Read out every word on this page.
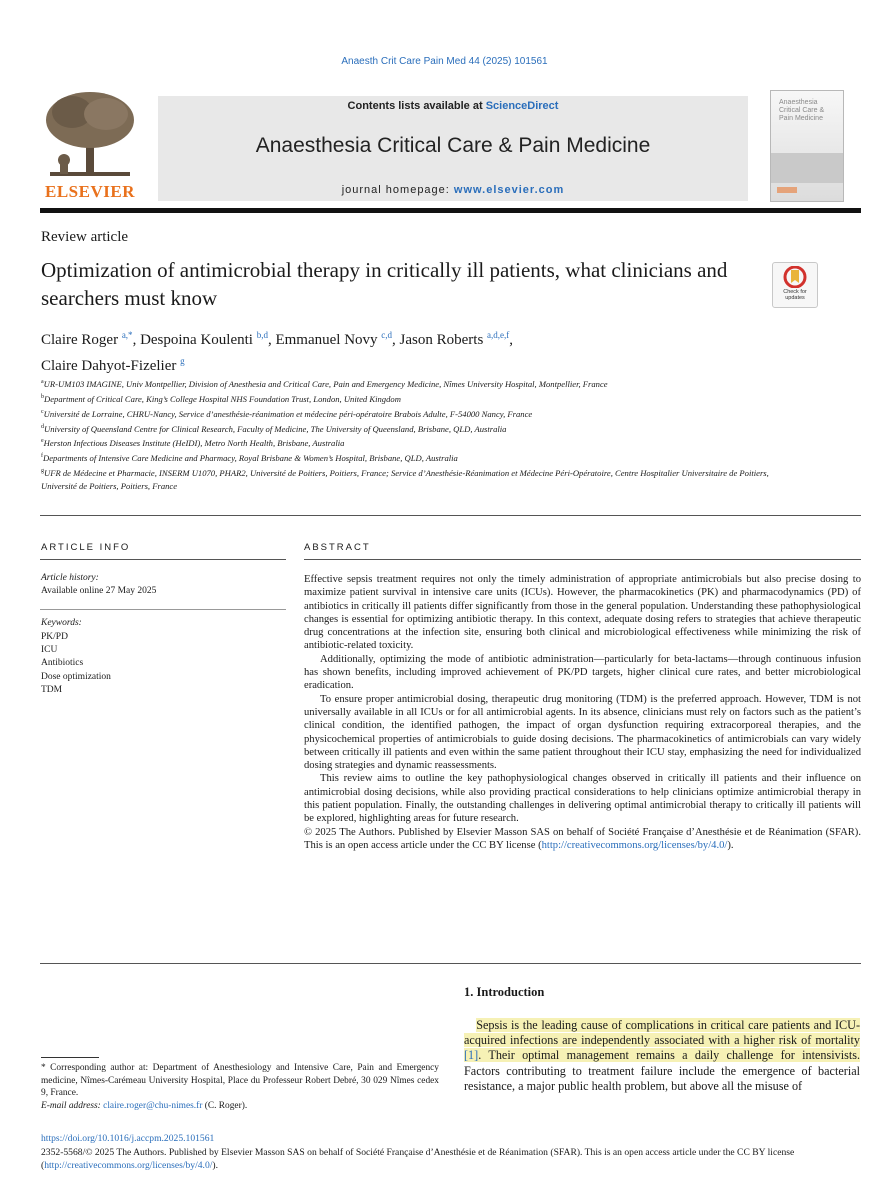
Anaesth Crit Care Pain Med 44 (2025) 101561
ELSEVIER
Contents lists available at ScienceDirect
Anaesthesia Critical Care & Pain Medicine
journal homepage: www.elsevier.com
Anaesthesia Critical Care & Pain Medicine
Review article
Optimization of antimicrobial therapy in critically ill patients, what clinicians and searchers must know	Check for updates
Claire Roger $^{a,*}$, Despoina Koulenti $^{b,d}$, Emmanuel Novy $^{c,d}$, Jason Roberts $^{a,d,e,f}$,
Claire Dahyot-Fizelier $^g$
$^a$UR-UM103 IMAGINE, Univ Montpellier, Division of Anesthesia and Critical Care, Pain and Emergency Medicine, Nîmes University Hospital, Montpellier, France
$^b$Department of Critical Care, King’s College Hospital NHS Foundation Trust, London, United Kingdom
$^c$Université de Lorraine, CHRU-Nancy, Service d’anesthésie-réanimation et médecine péri-opératoire Brabois Adulte, F-54000 Nancy, France
$^d$University of Queensland Centre for Clinical Research, Faculty of Medicine, The University of Queensland, Brisbane, QLD, Australia
$^e$Herston Infectious Diseases Institute (HeIDI), Metro North Health, Brisbane, Australia
$^f$Departments of Intensive Care Medicine and Pharmacy, Royal Brisbane & Women’s Hospital, Brisbane, QLD, Australia
$^g$UFR de Médecine et Pharmacie, INSERM U1070, PHAR2, Université de Poitiers, Poitiers, France; Service d’Anesthésie-Réanimation et Médecine Péri-Opératoire, Centre Hospitalier Universitaire de Poitiers, Université de Poitiers, Poitiers, France
ARTICLE INFO
Article history:
Available online 27 May 2025
Keywords:
PK/PD
ICU
Antibiotics
Dose optimization
TDM
ABSTRACT

Effective sepsis treatment requires not only the timely administration of appropriate antimicrobials but also precise dosing to maximize patient survival in intensive care units (ICUs). However, the pharmacokinetics (PK) and pharmacodynamics (PD) of antibiotics in critically ill patients differ significantly from those in the general population. Understanding these pathophysiological changes is essential for optimizing antibiotic therapy. In this context, adequate dosing refers to strategies that achieve therapeutic drug concentrations at the infection site, ensuring both clinical and microbiological effectiveness while minimizing the risk of antibiotic-related toxicity.

Additionally, optimizing the mode of antibiotic administration—particularly for beta-lactams—through continuous infusion has shown benefits, including improved achievement of PK/PD targets, higher clinical cure rates, and better microbiological eradication.

To ensure proper antimicrobial dosing, therapeutic drug monitoring (TDM) is the preferred approach. However, TDM is not universally available in all ICUs or for all antimicrobial agents. In its absence, clinicians must rely on factors such as the patient’s clinical condition, the identified pathogen, the impact of organ dysfunction requiring extracorporeal therapies, and the physicochemical properties of antimicrobials to guide dosing decisions. The pharmacokinetics of antimicrobials can vary widely between critically ill patients and even within the same patient throughout their ICU stay, emphasizing the need for individualized dosing strategies and dynamic reassessments.

This review aims to outline the key pathophysiological changes observed in critically ill patients and their influence on antimicrobial dosing decisions, while also providing practical considerations to help clinicians optimize antimicrobial therapy in this patient population. Finally, the outstanding challenges in delivering optimal antimicrobial therapy to critically ill patients will be explored, highlighting areas for future research.

© 2025 The Authors. Published by Elsevier Masson SAS on behalf of Société Française d’Anesthésie et de Réanimation (SFAR). This is an open access article under the CC BY license (http://creativecommons.org/licenses/by/4.0/).

1. Introduction
 Sepsis is the leading cause of complications in critical care patients and ICU-acquired infections are independently associated with a higher risk of mortality [1]. Their optimal management remains a daily challenge for intensivists. Factors contributing to treatment failure include the emergence of bacterial resistance, a major public health problem, but above all the misuse of
* Corresponding author at: Department of Anesthesiology and Intensive Care, Pain and Emergency medicine, Nîmes-Carémeau University Hospital, Place du Professeur Robert Debré, 30 029 Nîmes cedex 9, France.
E-mail address: claire.roger@chu-nimes.fr (C. Roger).
https://doi.org/10.1016/j.accpm.2025.101561
2352-5568/© 2025 The Authors. Published by Elsevier Masson SAS on behalf of Société Française d’Anesthésie et de Réanimation (SFAR). This is an open access article under the CC BY license (http://creativecommons.org/licenses/by/4.0/).
